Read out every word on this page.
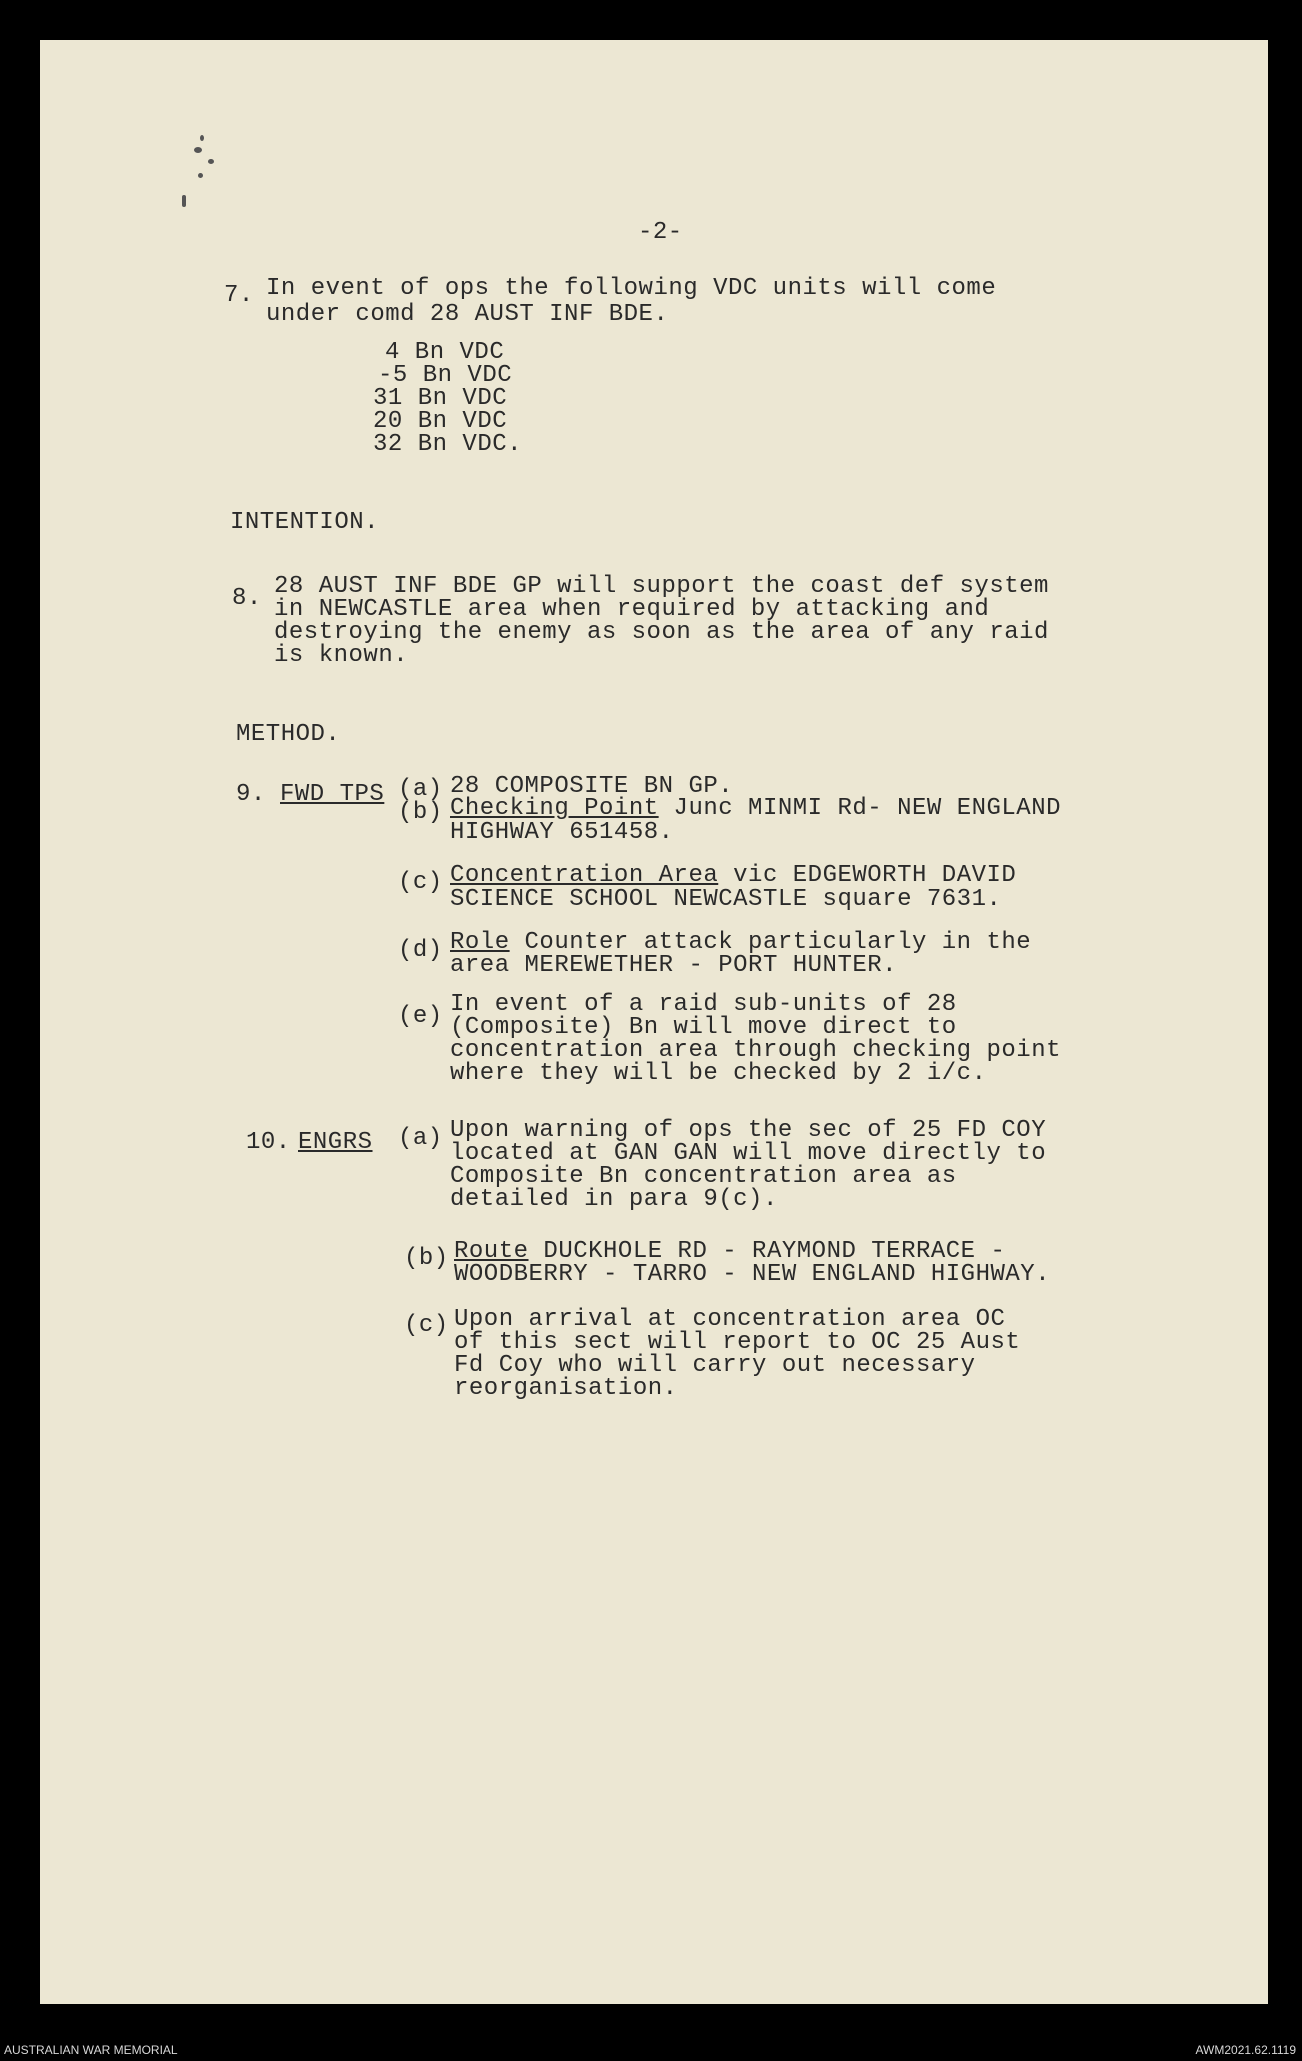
-2-
7. In event of ops the following VDC units will come
under comd 28 AUST INF BDE.
4 Bn VDC
-5 Bn VDC
31 Bn VDC
20 Bn VDC
32 Bn VDC.
INTENTION.
8. 28 AUST INF BDE GP will support the coast def system
in NEWCASTLE area when required by attacking and
destroying the enemy as soon as the area of any raid
is known.
METHOD.
9. FWD TPS (a) 28 COMPOSITE BN GP.
(b) Checking Point Junc MINMI Rd- NEW ENGLAND
HIGHWAY 651458.
(c) Concentration Area vic EDGEWORTH DAVID
SCIENCE SCHOOL NEWCASTLE square 7631.
(d) Role Counter attack particularly in the
area MEREWETHER - PORT HUNTER.
(e) In event of a raid sub-units of 28
(Composite) Bn will move direct to
concentration area through checking point
where they will be checked by 2 i/c.
10. ENGRS (a) Upon warning of ops the sec of 25 FD COY
located at GAN GAN will move directly to
Composite Bn concentration area as
detailed in para 9(c).
(b) Route DUCKHOLE RD - RAYMOND TERRACE -
WOODBERRY - TARRO - NEW ENGLAND HIGHWAY.
(c) Upon arrival at concentration area OC
of this sect will report to OC 25 Aust
Fd Coy who will carry out necessary
reorganisation.
AUSTRALIAN WAR MEMORIAL	AWM2021.62.1119
